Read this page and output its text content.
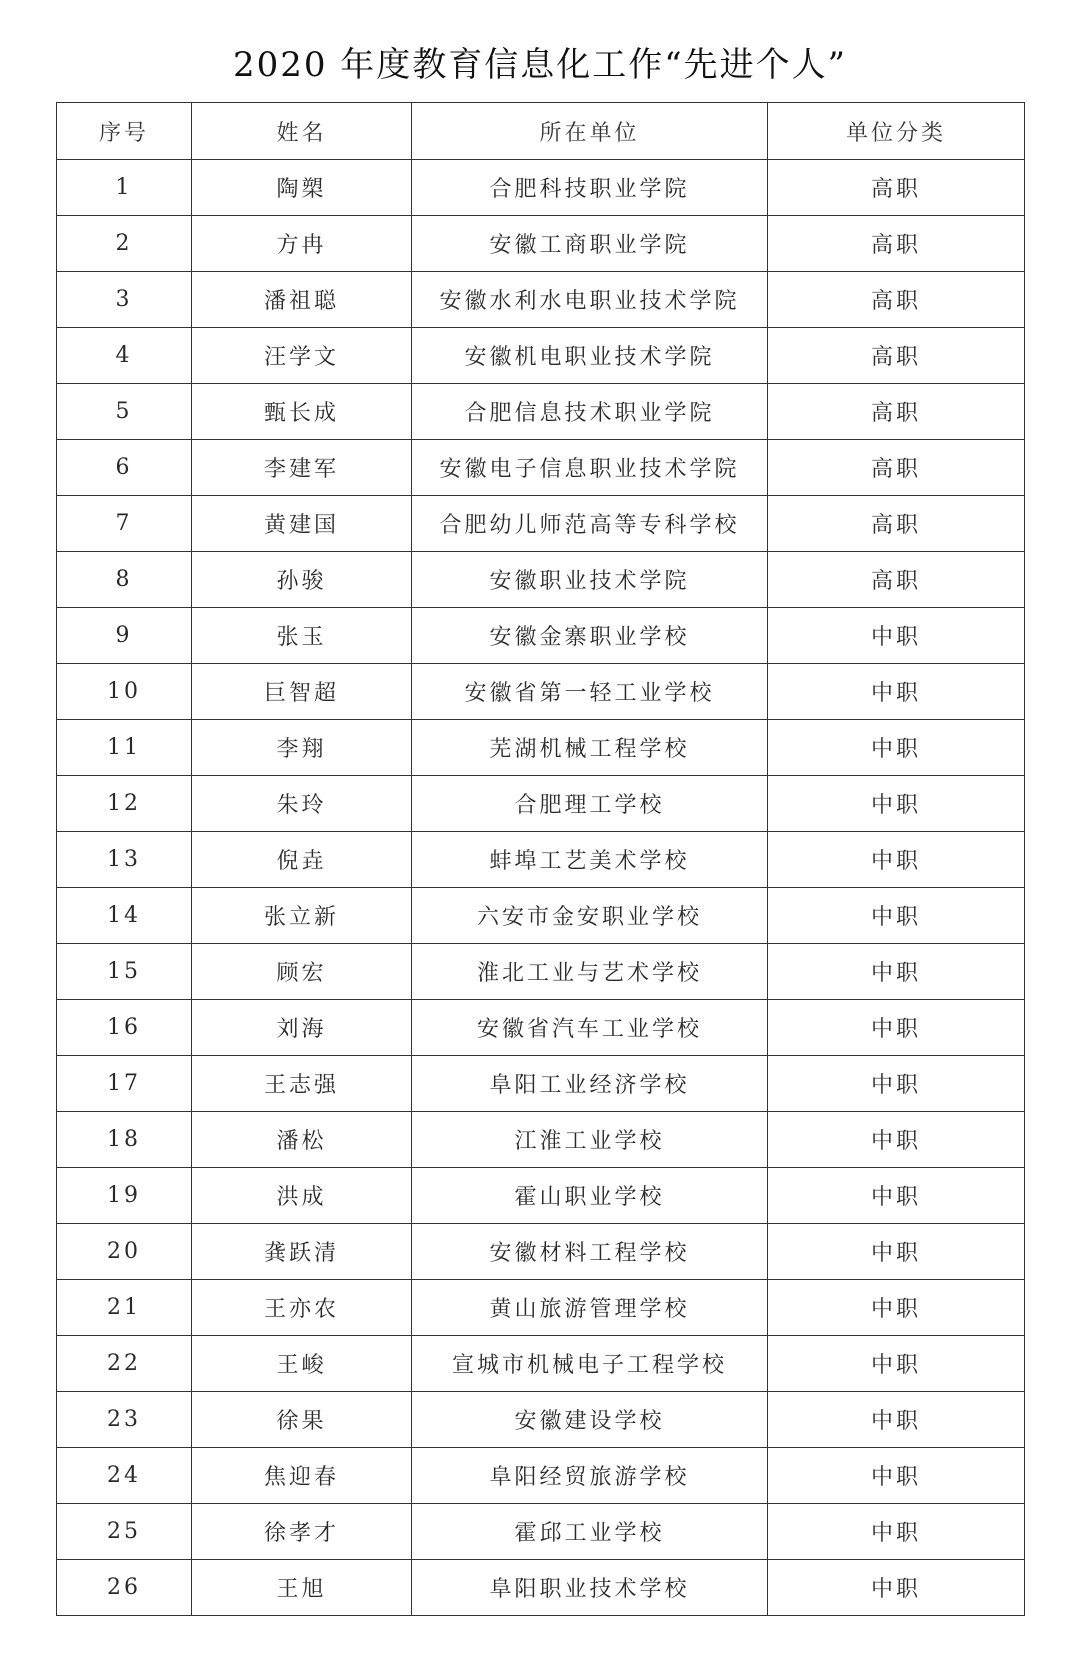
2020 年度教育信息化工作“先进个人”
序号	姓名	所在单位	单位分类
1	陶槊	合肥科技职业学院	高职
2	方冉	安徽工商职业学院	高职
3	潘祖聪	安徽水利水电职业技术学院	高职
4	汪学文	安徽机电职业技术学院	高职
5	甄长成	合肥信息技术职业学院	高职
6	李建军	安徽电子信息职业技术学院	高职
7	黄建国	合肥幼儿师范高等专科学校	高职
8	孙骏	安徽职业技术学院	高职
9	张玉	安徽金寨职业学校	中职
10	巨智超	安徽省第一轻工业学校	中职
11	李翔	芜湖机械工程学校	中职
12	朱玲	合肥理工学校	中职
13	倪垚	蚌埠工艺美术学校	中职
14	张立新	六安市金安职业学校	中职
15	顾宏	淮北工业与艺术学校	中职
16	刘海	安徽省汽车工业学校	中职
17	王志强	阜阳工业经济学校	中职
18	潘松	江淮工业学校	中职
19	洪成	霍山职业学校	中职
20	龚跃清	安徽材料工程学校	中职
21	王亦农	黄山旅游管理学校	中职
22	王峻	宣城市机械电子工程学校	中职
23	徐果	安徽建设学校	中职
24	焦迎春	阜阳经贸旅游学校	中职
25	徐孝才	霍邱工业学校	中职
26	王旭	阜阳职业技术学校	中职
